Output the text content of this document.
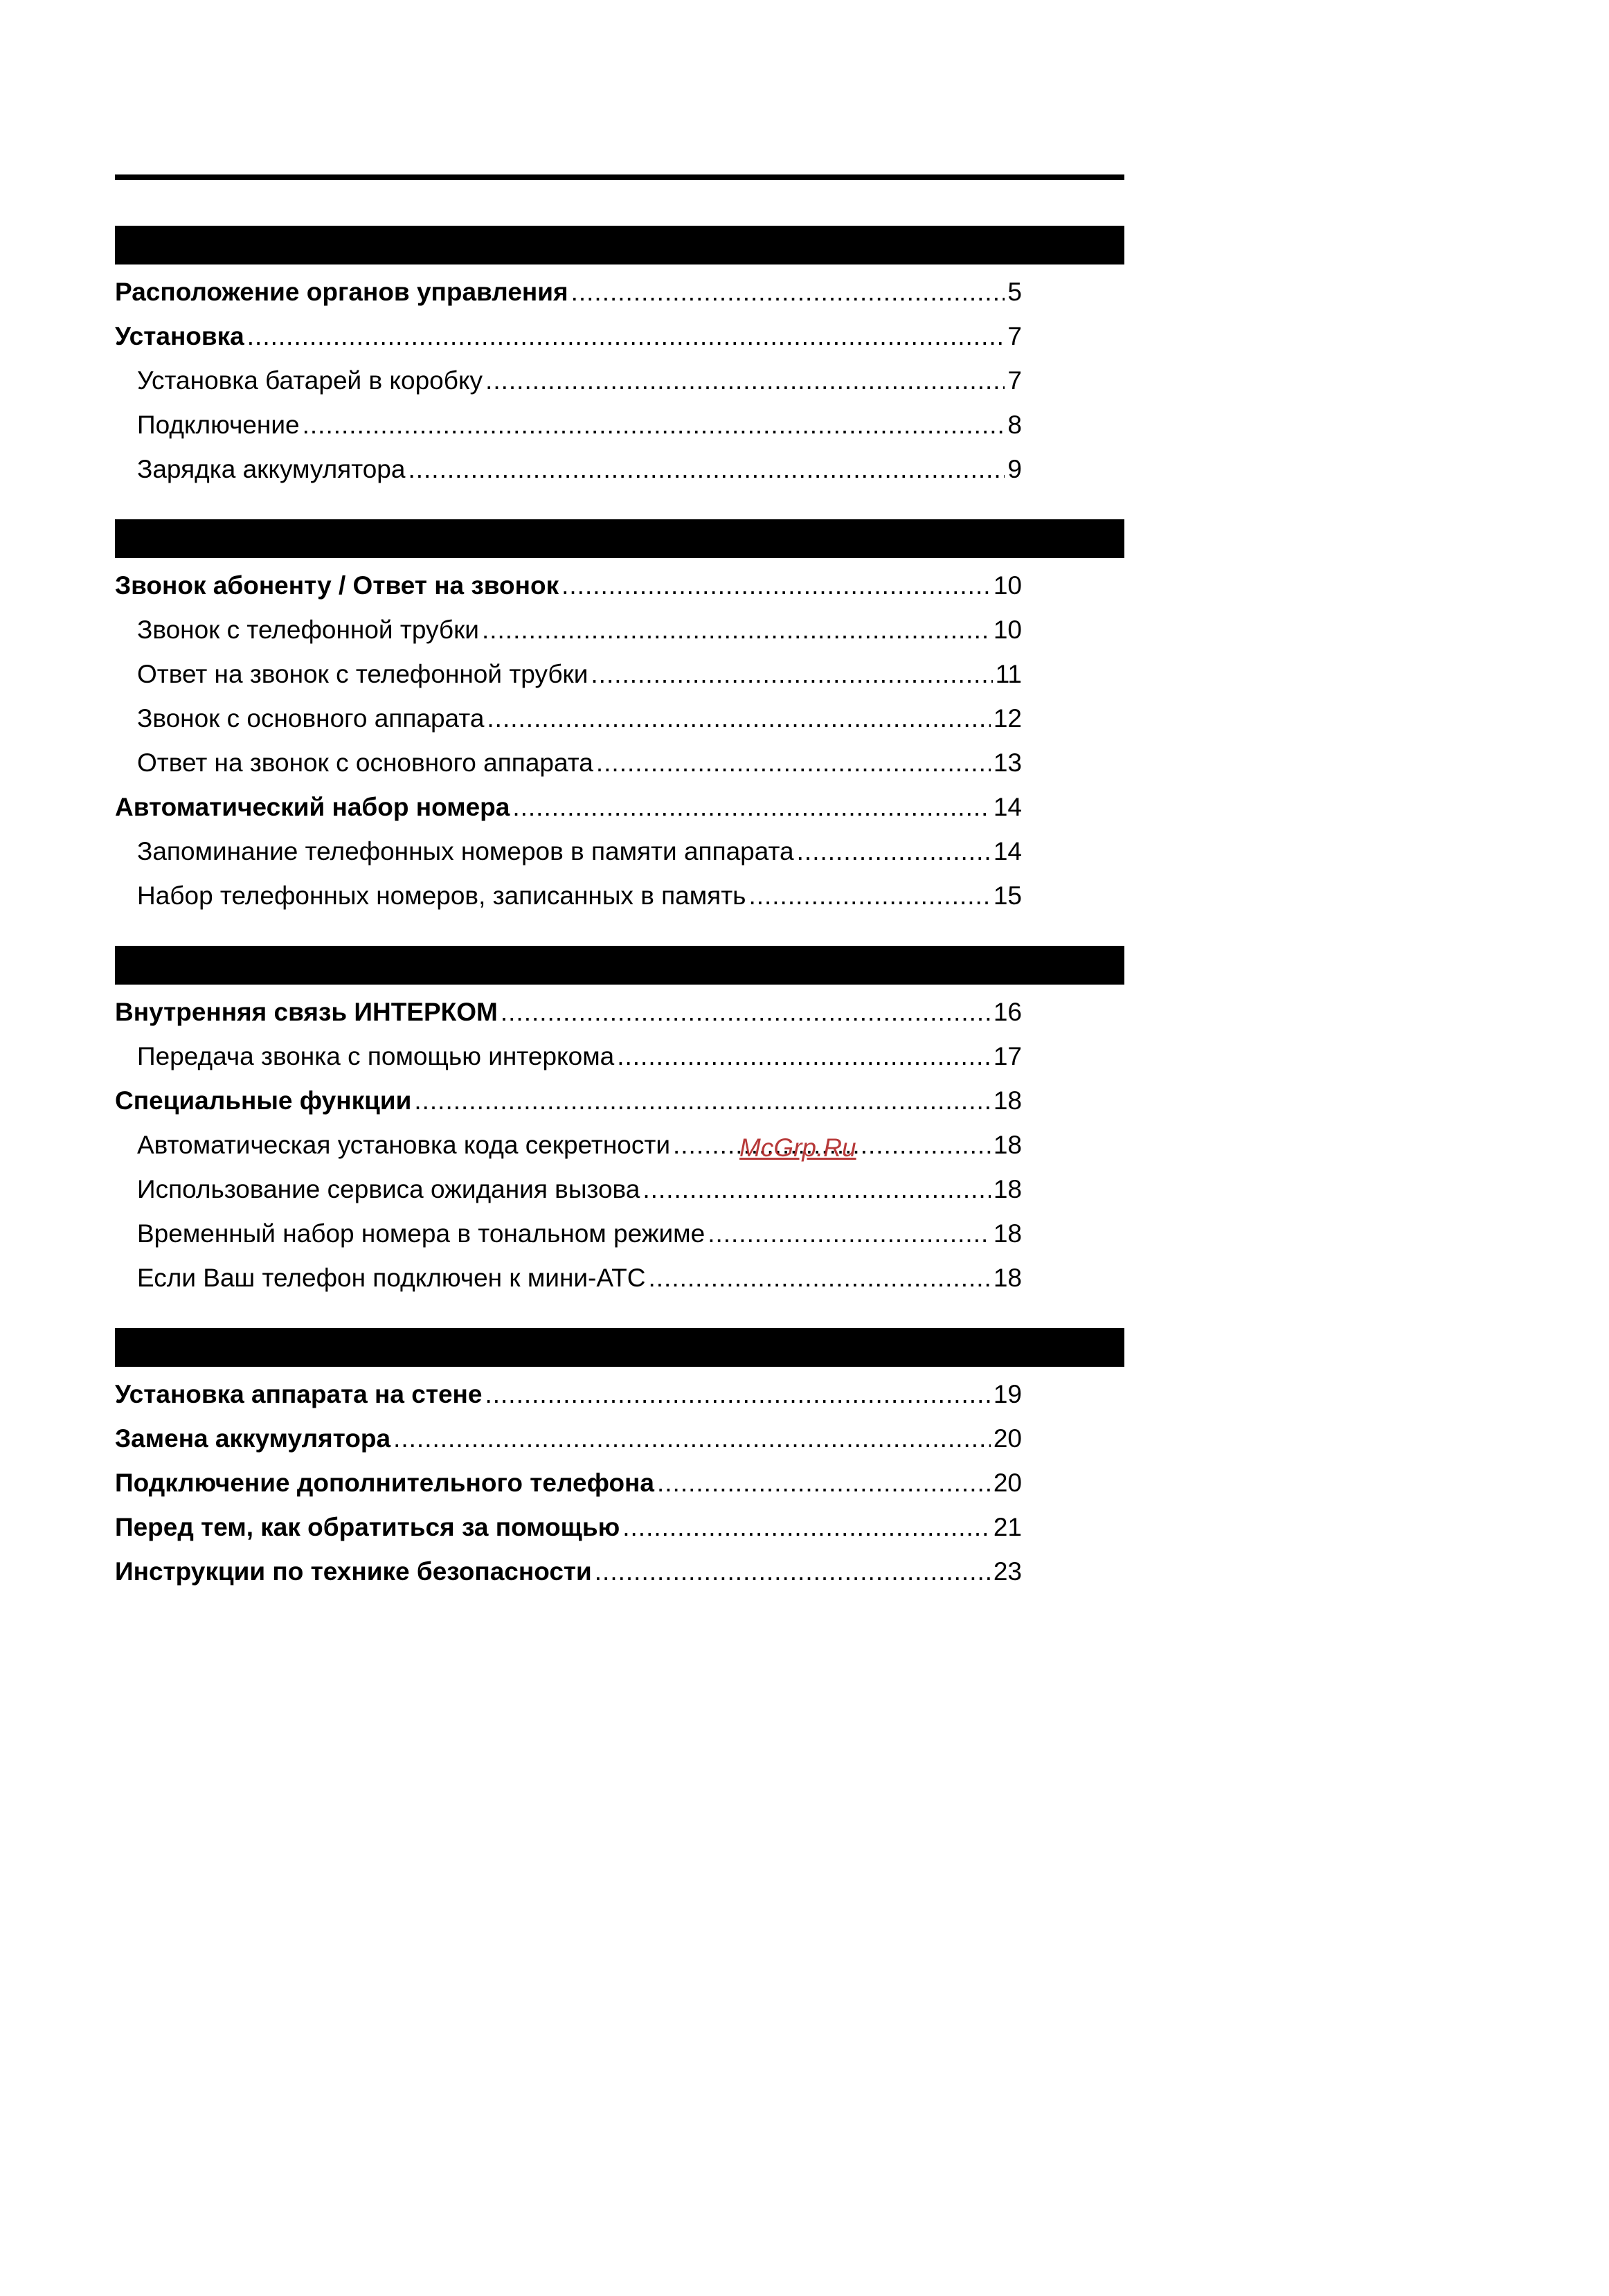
Расположение органов управления .....	5
Установка .....	7
Установка батарей в коробку .....	7
Подключение .....	8
Зарядка аккумулятора .....	9
Звонок абоненту / Ответ на звонок .....	10
Звонок с телефонной трубки .....	10
Ответ на звонок с телефонной трубки .....	11
Звонок с основного аппарата .....	12
Ответ на звонок с основного аппарата .....	13
Автоматический набор номера .....	14
Запоминание телефонных номеров в памяти аппарата .....	14
Набор телефонных номеров, записанных в память .....	15
Внутренняя связь ИНТЕРКОМ .....	16
Передача звонка с помощью интеркома .....	17
Специальные функции .....	18
Автоматическая установка кода секретности .....	18
Использование сервиса ожидания вызова .....	18
Временный набор номера в тональном режиме .....	18
Если Ваш телефон подключен к мини-АТС .....	18
Установка аппарата на стене .....	19
Замена аккумулятора .....	20
Подключение дополнительного телефона .....	20
Перед тем, как обратиться за помощью .....	21
Инструкции по технике безопасности .....	23
McGrp.Ru
